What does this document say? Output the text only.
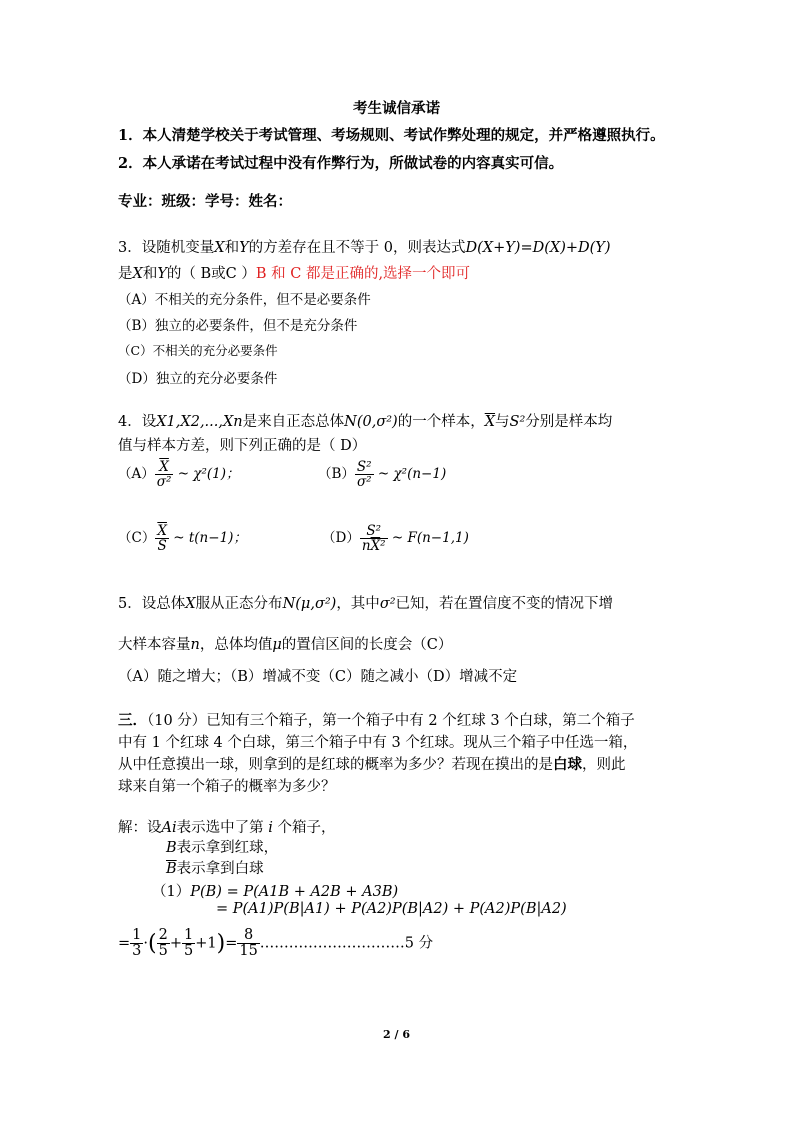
考生诚信承诺
1．本人清楚学校关于考试管理、考场规则、考试作弊处理的规定，并严格遵照执行。
2．本人承诺在考试过程中没有作弊行为，所做试卷的内容真实可信。
专业：班级：学号：姓名：
3．设随机变量X和Y的方差存在且不等于 0，则表达式D(X+Y)=D(X)+D(Y)
是X和Y的（ B或C ）B 和 C 都是正确的,选择一个即可
（A）不相关的充分条件，但不是必要条件
（B）独立的必要条件，但不是充分条件
（C）不相关的充分必要条件
（D）独立的充分必要条件
4．设X1,X2,...,Xn是来自正态总体N(0,σ²)的一个样本，$\overline{X}$与S²分别是样本均
值与样本方差，则下列正确的是（ D）
$(A) \frac{\overline{X}}{\text{σ²}}$ ~ χ²(1)；	$(B) \frac{\text{S²}}{\text{σ²}}$ ~ χ²(n−1)
$(C) \frac{\overline{X}}{S}$ ~ t(n−1)；	$(D) \frac{\text{S²}}{n\overline{X}^2}$ ~ F(n−1,1)
5．设总体X服从正态分布N(μ,σ²)，其中σ²已知，若在置信度不变的情况下增
大样本容量n，总体均值μ的置信区间的长度会（C）
（A）随之增大；（B）增减不变（C）随之减小（D）增减不定
三．（10 分）已知有三个箱子，第一个箱子中有 2 个红球 3 个白球，第二个箱子
中有 1 个红球 4 个白球，第三个箱子中有 3 个红球。现从三个箱子中任选一箱，
从中任意摸出一球，则拿到的是红球的概率为多少？若现在摸出的是白球，则此
球来自第一个箱子的概率为多少？
解：设Ai表示选中了第 i 个箱子，
B表示拿到红球，
$\overline{B}$表示拿到白球
（1）P(B) = P(A1B + A2B + A3B)
= P(A1)P(B|A1) + P(A2)P(B|A2) + P(A2)P(B|A2)
= $\frac{1}{3}$ ·( $\frac{2}{5} + \frac{1}{5} +1)= \frac{8}{15}$ …………………………5 分
2 / 6
